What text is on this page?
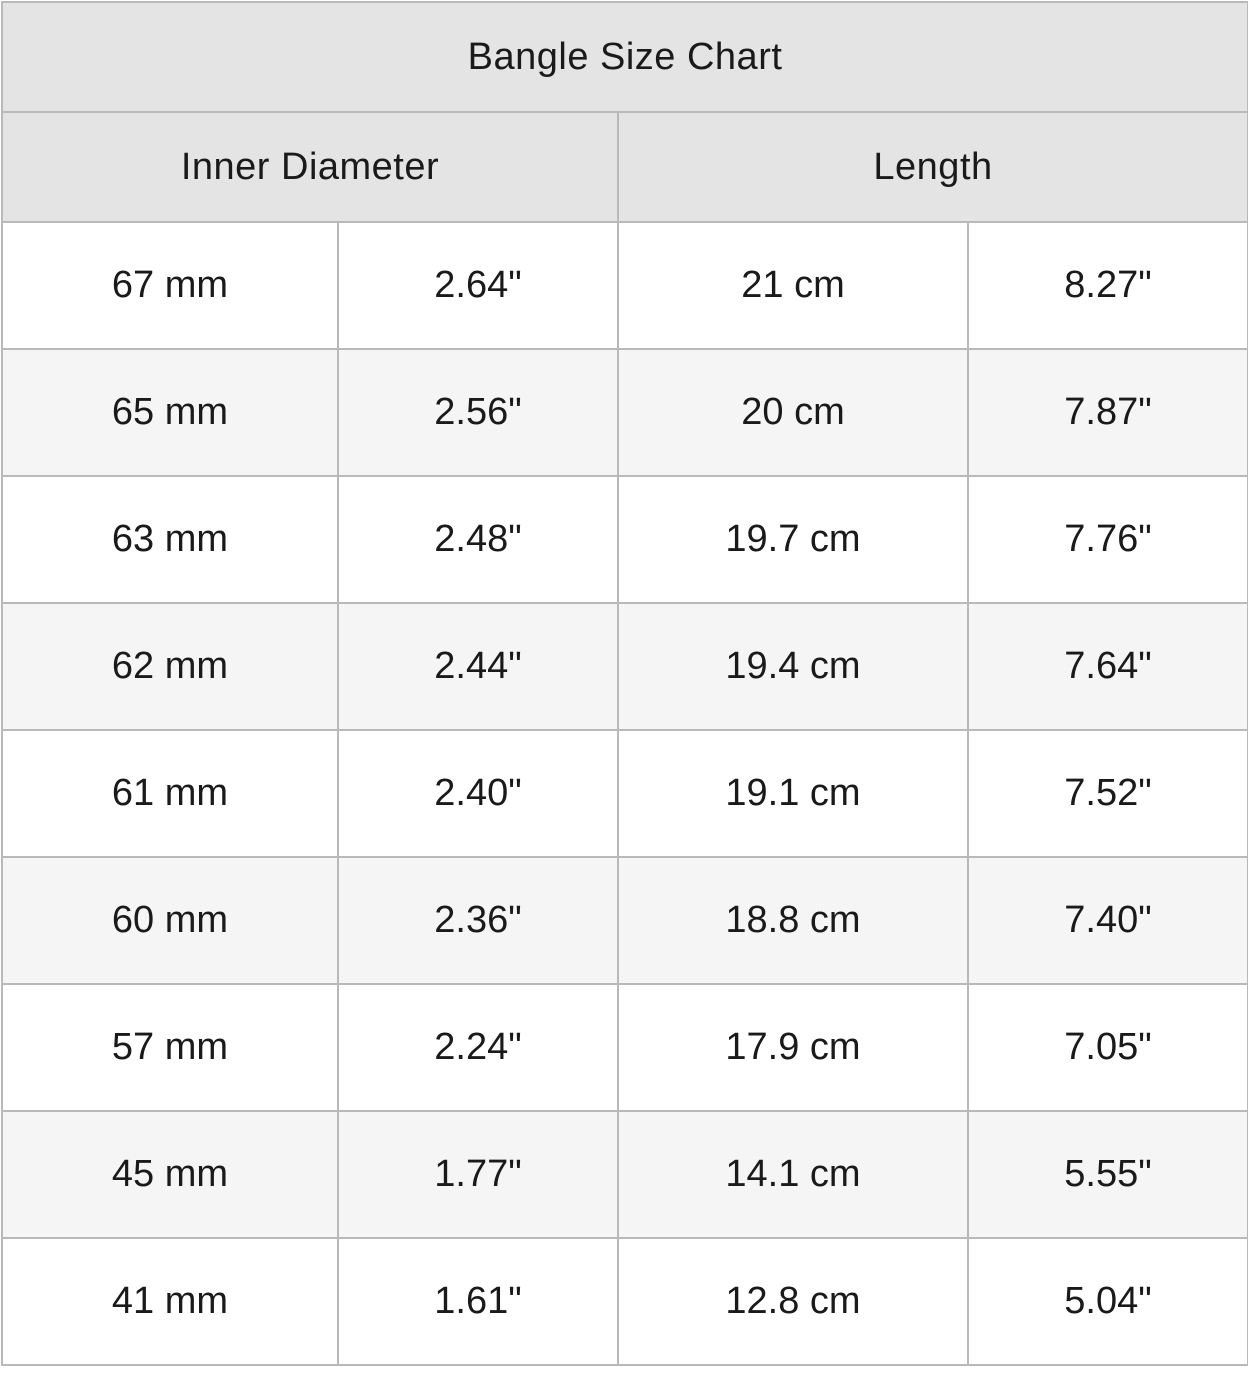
Bangle Size Chart			
Inner Diameter		Length	
67 mm	2.64"	21 cm	8.27"
65 mm	2.56"	20 cm	7.87"
63 mm	2.48"	19.7 cm	7.76"
62 mm	2.44"	19.4 cm	7.64"
61 mm	2.40"	19.1 cm	7.52"
60 mm	2.36"	18.8 cm	7.40"
57 mm	2.24"	17.9 cm	7.05"
45 mm	1.77"	14.1 cm	5.55"
41 mm	1.61"	12.8 cm	5.04"
